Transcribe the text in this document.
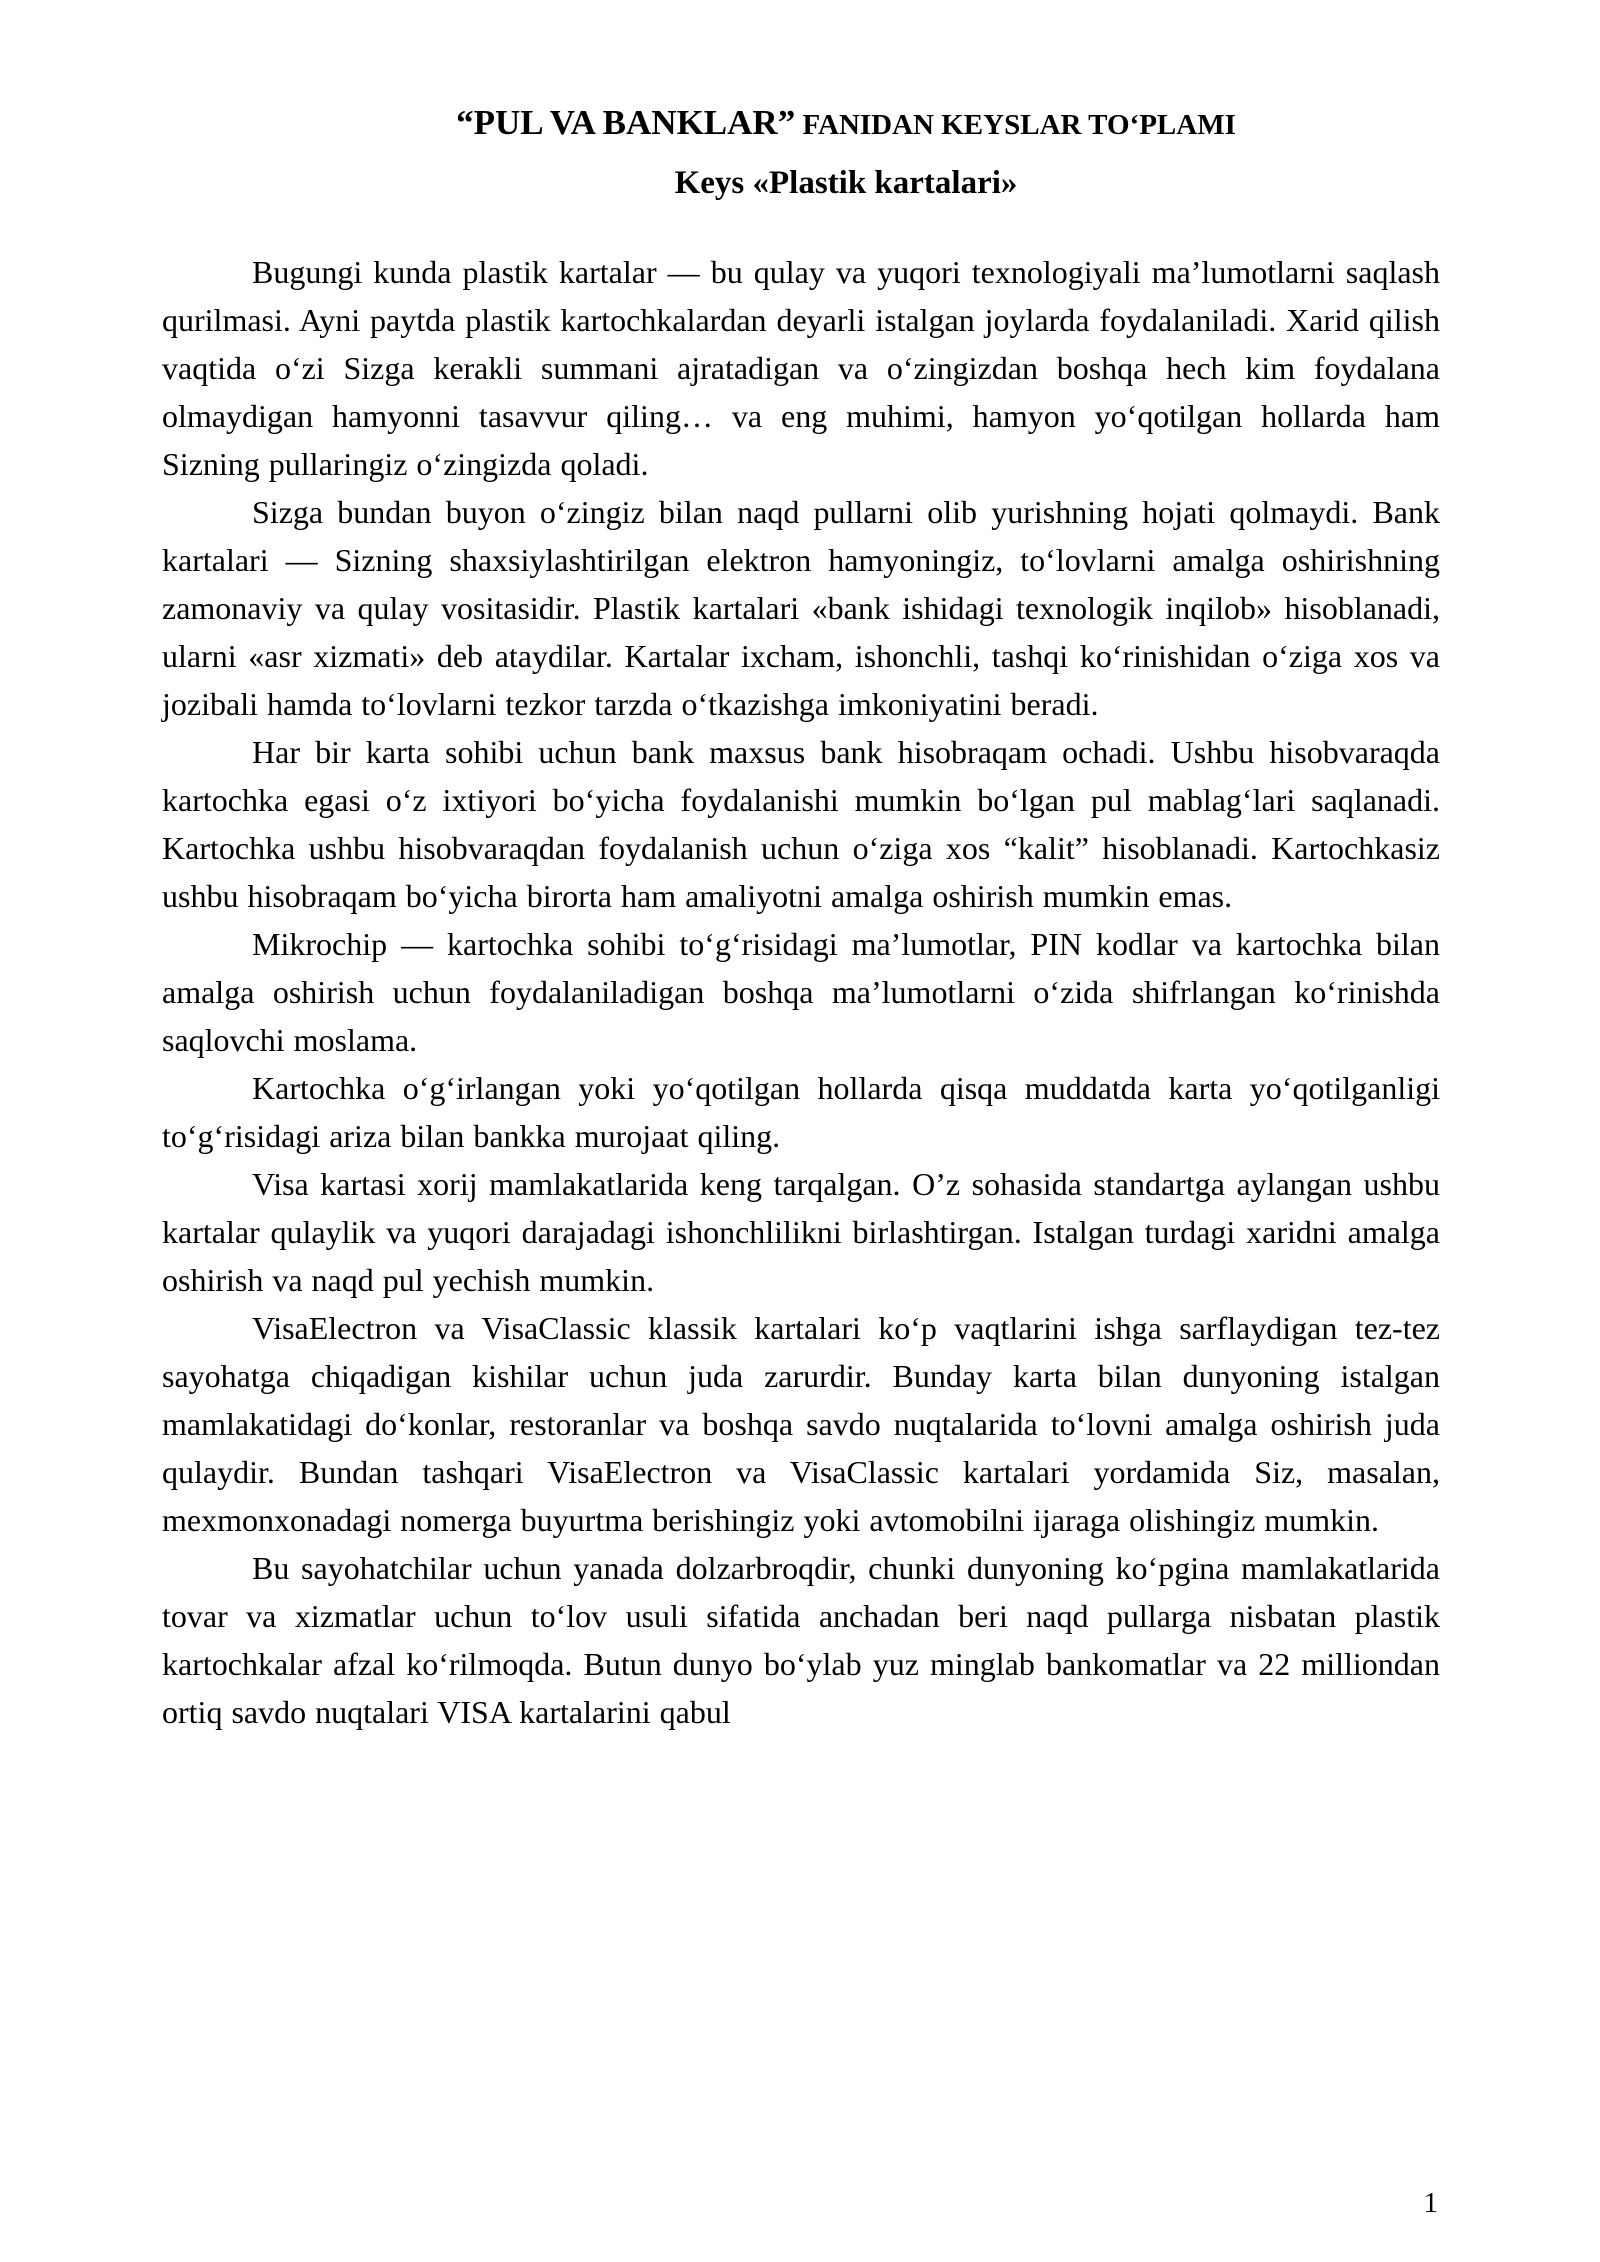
“PUL VA BANKLAR” FANIDAN KEYSLAR TO‘PLAMI
Keys «Plastik kartalari»

Bugungi kunda plastik kartalar — bu qulay va yuqori texnologiyali ma’lumotlarni saqlash qurilmasi. Ayni paytda plastik kartochkalardan deyarli istalgan joylarda foydalaniladi. Xarid qilish vaqtida o‘zi Sizga kerakli summani ajratadigan va o‘zingizdan boshqa hech kim foydalana olmaydigan hamyonni tasavvur qiling… va eng muhimi, hamyon yo‘qotilgan hollarda ham Sizning pullaringiz o‘zingizda qoladi.

Sizga bundan buyon o‘zingiz bilan naqd pullarni olib yurishning hojati qolmaydi. Bank kartalari — Sizning shaxsiylashtirilgan elektron hamyoningiz, to‘lovlarni amalga oshirishning zamonaviy va qulay vositasidir. Plastik kartalari «bank ishidagi texnologik inqilob» hisoblanadi, ularni «asr xizmati» deb ataydilar. Kartalar ixcham, ishonchli, tashqi ko‘rinishidan o‘ziga xos va jozibali hamda to‘lovlarni tezkor tarzda o‘tkazishga imkoniyatini beradi.

Har bir karta sohibi uchun bank maxsus bank hisobraqam ochadi. Ushbu hisobvaraqda kartochka egasi o‘z ixtiyori bo‘yicha foydalanishi mumkin bo‘lgan pul mablag‘lari saqlanadi. Kartochka ushbu hisobvaraqdan foydalanish uchun o‘ziga xos “kalit” hisoblanadi. Kartochkasiz ushbu hisobraqam bo‘yicha birorta ham amaliyotni amalga oshirish mumkin emas.

Mikrochip — kartochka sohibi to‘g‘risidagi ma’lumotlar, PIN kodlar va kartochka bilan amalga oshirish uchun foydalaniladigan boshqa ma’lumotlarni o‘zida shifrlangan ko‘rinishda saqlovchi moslama.

Kartochka o‘g‘irlangan yoki yo‘qotilgan hollarda qisqa muddatda karta yo‘qotilganligi to‘g‘risidagi ariza bilan bankka murojaat qiling.

Visa kartasi xorij mamlakatlarida keng tarqalgan. O’z sohasida standartga aylangan ushbu kartalar qulaylik va yuqori darajadagi ishonchlilikni birlashtirgan. Istalgan turdagi xaridni amalga oshirish va naqd pul yechish mumkin.

VisaElectron va VisaClassic klassik kartalari ko‘p vaqtlarini ishga sarflaydigan tez-tez sayohatga chiqadigan kishilar uchun juda zarurdir. Bunday karta bilan dunyoning istalgan mamlakatidagi do‘konlar, restoranlar va boshqa savdo nuqtalarida to‘lovni amalga oshirish juda qulaydir. Bundan tashqari VisaElectron va VisaClassic kartalari yordamida Siz, masalan, mexmonxonadagi nomerga buyurtma berishingiz yoki avtomobilni ijaraga olishingiz mumkin.

Bu sayohatchilar uchun yanada dolzarbroqdir, chunki dunyoning ko‘pgina mamlakatlarida tovar va xizmatlar uchun to‘lov usuli sifatida anchadan beri naqd pullarga nisbatan plastik kartochkalar afzal ko‘rilmoqda. Butun dunyo bo‘ylab yuz minglab bankomatlar va 22 milliondan ortiq savdo nuqtalari VISA kartalarini qabul

1
